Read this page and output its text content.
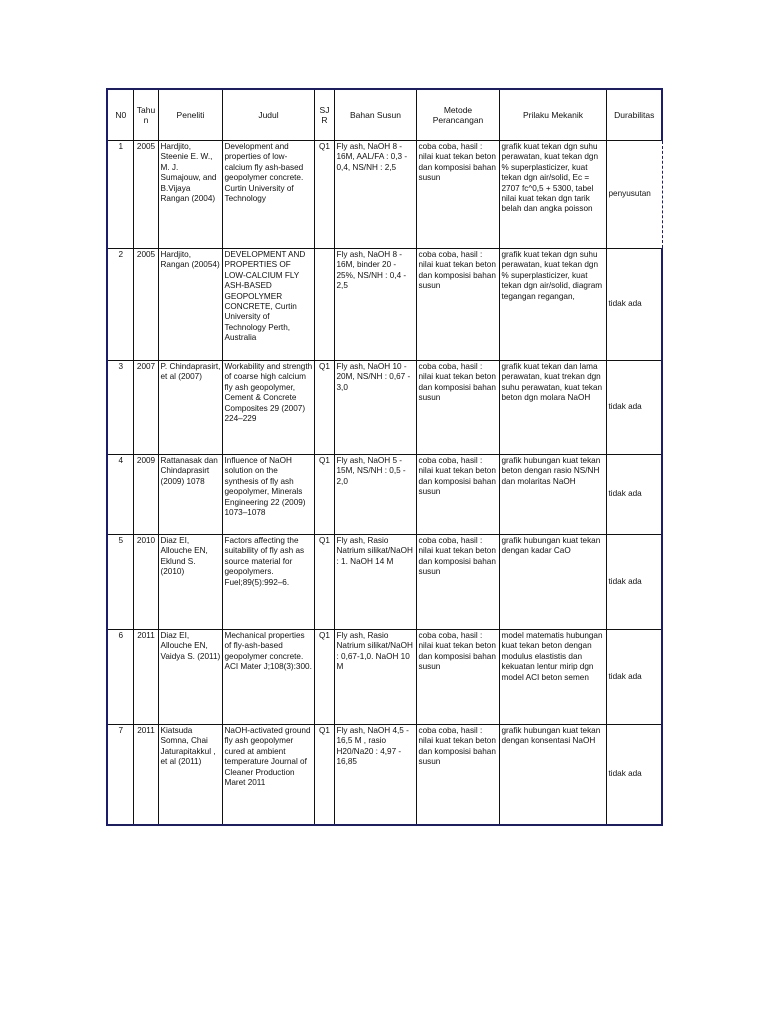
N0	Tahun	Peneliti	Judul	SJR	Bahan Susun	Metode Perancangan	Prilaku Mekanik	Durabilitas
1	2005	Hardjito, Steenie E. W., M. J. Sumajouw, and B.Vijaya Rangan (2004)	Development and properties of low-calcium fly ash-based geopolymer concrete. Curtin University of Technology	Q1	Fly ash, NaOH 8 - 16M, AAL/FA : 0,3 - 0,4, NS/NH : 2,5	coba coba, hasil : nilai kuat tekan beton dan komposisi bahan susun	grafik kuat tekan dgn suhu perawatan, kuat tekan dgn % superplasticizer, kuat tekan dgn air/solid, Ec = 2707 fc^0,5 + 5300, tabel nilai kuat tekan dgn tarik belah dan angka poisson	penyusutan
2	2005	Hardjito, Rangan (20054)	DEVELOPMENT AND PROPERTIES OF LOW-CALCIUM FLY ASH-BASED GEOPOLYMER CONCRETE, Curtin University of Technology Perth, Australia		Fly ash, NaOH 8 - 16M, binder 20 - 25%, NS/NH : 0,4 - 2,5	coba coba, hasil : nilai kuat tekan beton dan komposisi bahan susun	grafik kuat tekan dgn suhu perawatan, kuat tekan dgn % superplasticizer, kuat tekan dgn air/solid, diagram tegangan regangan,	tidak ada
3	2007	P. Chindaprasirt, et al (2007)	Workability and strength of coarse high calcium fly ash geopolymer, Cement & Concrete Composites 29 (2007) 224–229	Q1	Fly ash, NaOH 10 - 20M, NS/NH : 0,67 - 3,0	coba coba, hasil : nilai kuat tekan beton dan komposisi bahan susun	grafik kuat tekan dan lama perawatan, kuat trekan dgn suhu perawatan, kuat tekan beton dgn molara NaOH	tidak ada
4	2009	Rattanasak dan Chindaprasirt (2009) 1078	Influence of NaOH solution on the synthesis of fly ash geopolymer, Minerals Engineering 22 (2009) 1073–1078	Q1	Fly ash, NaOH 5 - 15M, NS/NH : 0,5 - 2,0	coba coba, hasil : nilai kuat tekan beton dan komposisi bahan susun	grafik hubungan kuat tekan beton dengan rasio NS/NH dan molaritas NaOH	tidak ada
5	2010	Diaz EI, Allouche EN, Eklund S. (2010)	Factors affecting the suitability of fly ash as source material for geopolymers. Fuel;89(5):992–6.	Q1	Fly ash, Rasio Natrium silikat/NaOH : 1. NaOH 14 M	coba coba, hasil : nilai kuat tekan beton dan komposisi bahan susun	grafik hubungan kuat tekan dengan kadar CaO	tidak ada
6	2011	Diaz EI, Allouche EN, Vaidya S. (2011)	Mechanical properties of fly-ash-based geopolymer concrete. ACI Mater J;108(3):300.	Q1	Fly ash, Rasio Natrium silikat/NaOH : 0,67-1,0. NaOH 10 M	coba coba, hasil : nilai kuat tekan beton dan komposisi bahan susun	model matematis hubungan kuat tekan beton dengan modulus elastistis dan kekuatan lentur mirip dgn model ACI beton semen	tidak ada
7	2011	Kiatsuda Somna, Chai Jaturapitakkul , et al (2011)	NaOH-activated ground fly ash geopolymer cured at ambient temperature Journal of Cleaner Production Maret 2011	Q1	Fly ash, NaOH 4,5 - 16,5 M , rasio H20/Na20 : 4,97 - 16,85	coba coba, hasil : nilai kuat tekan beton dan komposisi bahan susun	grafik hubungan kuat tekan dengan konsentasi NaOH	tidak ada
